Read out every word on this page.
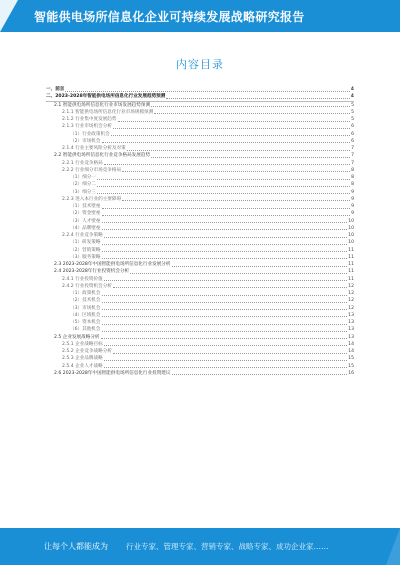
智能供电场所信息化企业可持续发展战略研究报告
内容目录
一、前言	4
二、2023-2028年智能供电场所信息化行业发展趋势预测	4
2.1 智能供电场所信息化行业市场发展趋势预测	5
2.1.1 智能供电场所信息化行业市场规模预测	5
2.1.2 行业集中度发展趋势	5
2.1.3 行业市场机会分析	6
（1）行业政策机会	6
（2）市场机会	6
2.1.4 行业主要风险分析及对策	7
2.2 智能供电场所信息化行业竞争格局发展趋势	7
2.2.1 行业竞争格局	7
2.2.2 行业细分市场竞争格局	8
（1）细分一	8
（2）细分二	8
（3）细分三	9
2.2.3 进入本行业的主要障碍	9
（1）技术壁垒	9
（2）资金壁垒	9
（3）人才壁垒	10
（4）品牌壁垒	10
2.2.4 行业竞争策略	10
（1）研发策略	10
（2）营销策略	11
（3）服务策略	11
2.3 2023-2028年中国智能供电场所信息化行业发展分析	11
2.4 2023-2028年行业投资机会分析	11
2.4.1 行业投资价值	11
2.4.2 行业投资机会分析	12
（1）政策机会	12
（2）技术机会	12
（3）市场机会	12
（4）区域机会	13
（5）资本机会	13
（6）其他机会	13
2.5 企业发展战略分析	13
2.5.1 企业战略目标	14
2.5.2 企业竞争战略分析	14
2.5.3 企业品牌战略	15
2.5.4 企业人才战略	15
2.6 2023-2028年中国智能供电场所信息化行业投资建议	16
让每个人都能成为 行业专家、管理专家、营销专家、战略专家、成功企业家……
